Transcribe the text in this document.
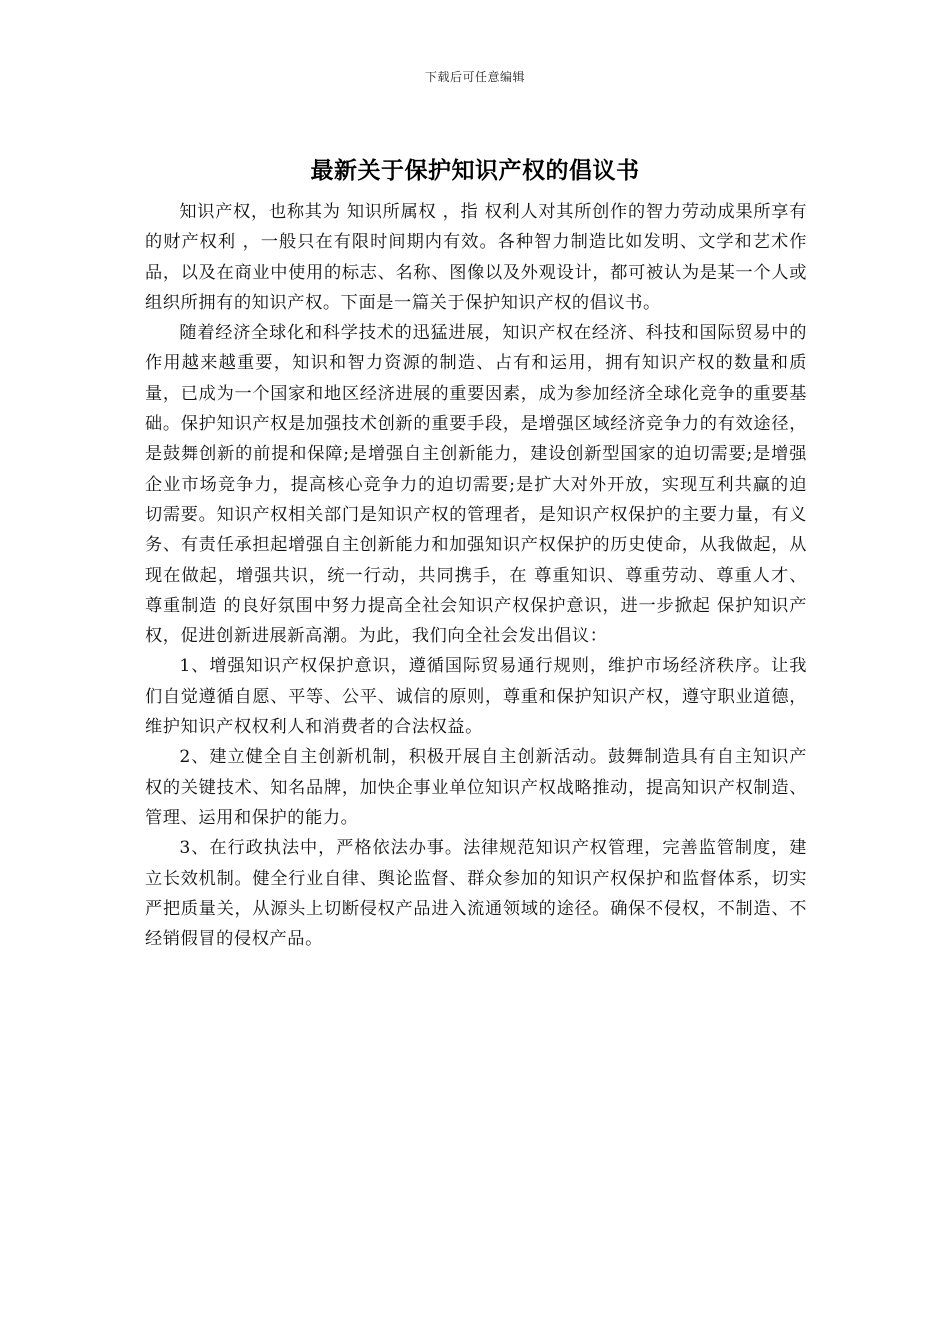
下载后可任意编辑
最新关于保护知识产权的倡议书

知识产权，也称其为 知识所属权 ，指 权利人对其所创作的智力劳动成果所享有的财产权利 ，一般只在有限时间期内有效。各种智力制造比如发明、文学和艺术作品，以及在商业中使用的标志、名称、图像以及外观设计，都可被认为是某一个人或组织所拥有的知识产权。下面是一篇关于保护知识产权的倡议书。

随着经济全球化和科学技术的迅猛进展，知识产权在经济、科技和国际贸易中的作用越来越重要，知识和智力资源的制造、占有和运用，拥有知识产权的数量和质量，已成为一个国家和地区经济进展的重要因素，成为参加经济全球化竞争的重要基础。保护知识产权是加强技术创新的重要手段，是增强区域经济竞争力的有效途径，是鼓舞创新的前提和保障;是增强自主创新能力，建设创新型国家的迫切需要;是增强企业市场竞争力，提高核心竞争力的迫切需要;是扩大对外开放，实现互利共赢的迫切需要。知识产权相关部门是知识产权的管理者，是知识产权保护的主要力量，有义务、有责任承担起增强自主创新能力和加强知识产权保护的历史使命，从我做起，从现在做起，增强共识，统一行动，共同携手，在 尊重知识、尊重劳动、尊重人才、尊重制造 的良好氛围中努力提高全社会知识产权保护意识，进一步掀起 保护知识产权，促进创新进展新高潮。为此，我们向全社会发出倡议：

1、增强知识产权保护意识，遵循国际贸易通行规则，维护市场经济秩序。让我们自觉遵循自愿、平等、公平、诚信的原则，尊重和保护知识产权，遵守职业道德，维护知识产权权利人和消费者的合法权益。

2、建立健全自主创新机制，积极开展自主创新活动。鼓舞制造具有自主知识产权的关键技术、知名品牌，加快企事业单位知识产权战略推动，提高知识产权制造、管理、运用和保护的能力。

3、在行政执法中，严格依法办事。法律规范知识产权管理，完善监管制度，建立长效机制。健全行业自律、舆论监督、群众参加的知识产权保护和监督体系，切实严把质量关，从源头上切断侵权产品进入流通领域的途径。确保不侵权，不制造、不经销假冒的侵权产品。
